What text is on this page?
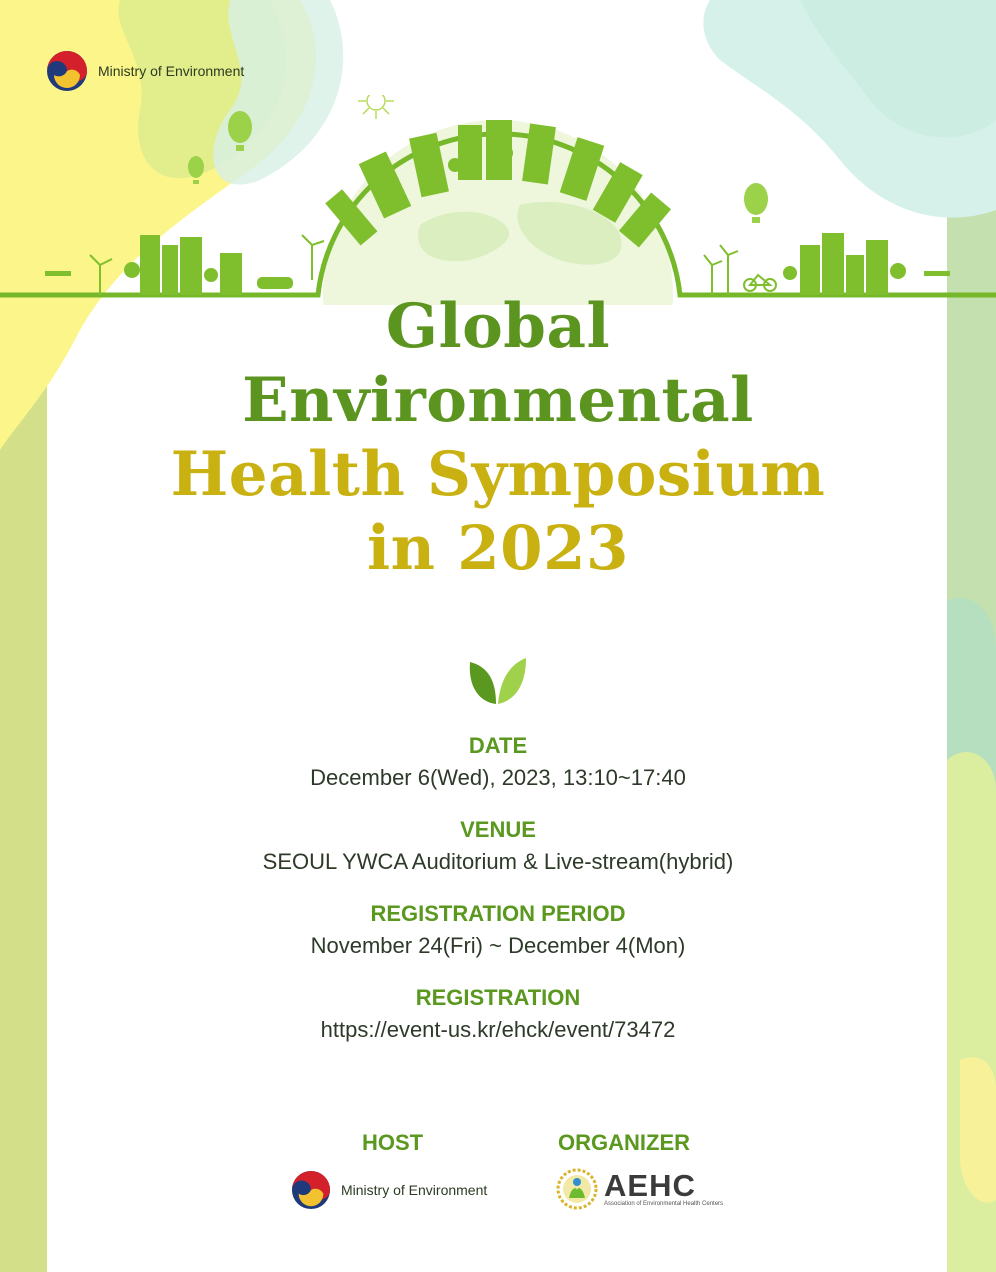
Ministry of Environment
Global
Environmental
Health Symposium
in 2023
DATE
December 6(Wed), 2023, 13:10~17:40
VENUE
SEOUL YWCA Auditorium & Live-stream(hybrid)
REGISTRATION PERIOD
November 24(Fri) ~ December 4(Mon)
REGISTRATION
https://event-us.kr/ehck/event/73472
HOST	ORGANIZER
Ministry of Environment	AEHC
Association of Environmental Health Centers
